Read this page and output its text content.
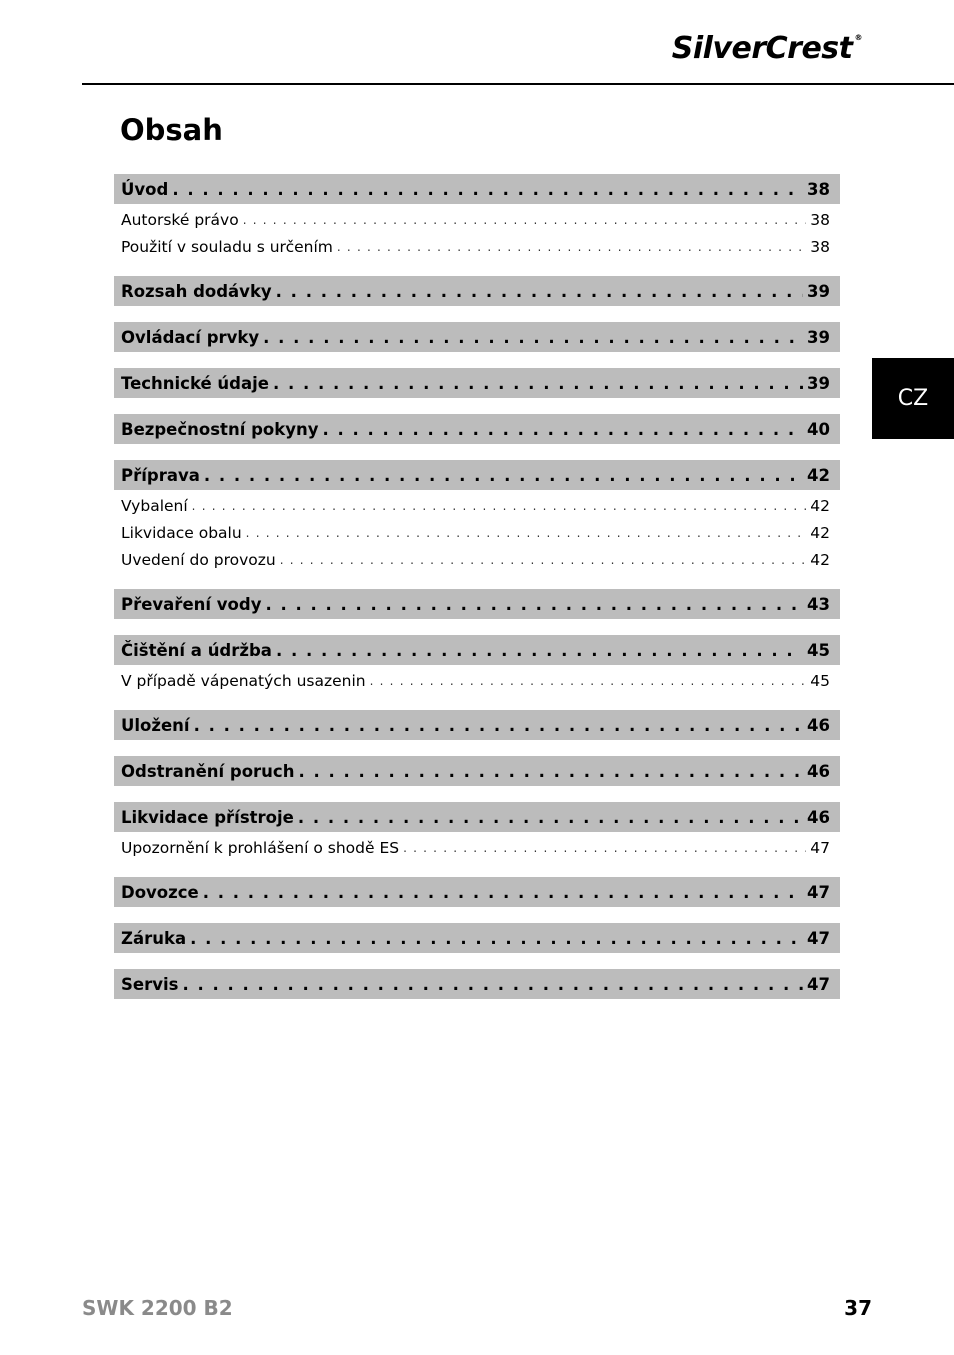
SilverCrest ®
Obsah
CZ
Úvod . . .	38
Autorské právo . . .	38
Použití v souladu s určením . . .	38
Rozsah dodávky . . .	39
Ovládací prvky . . .	39
Technické údaje . . .	39
Bezpečnostní pokyny . . .	40
Příprava . . .	42
Vybalení . . .	42
Likvidace obalu . . .	42
Uvedení do provozu . . .	42
Převaření vody . . .	43
Čištění a údržba . . .	45
V případě vápenatých usazenin . . .	45
Uložení . . .	46
Odstranění poruch . . .	46
Likvidace přístroje . . .	46
Upozornění k prohlášení o shodě ES . . .	47
Dovozce . . .	47
Záruka . . .	47
Servis . . .	47
SWK 2200 B2	37
